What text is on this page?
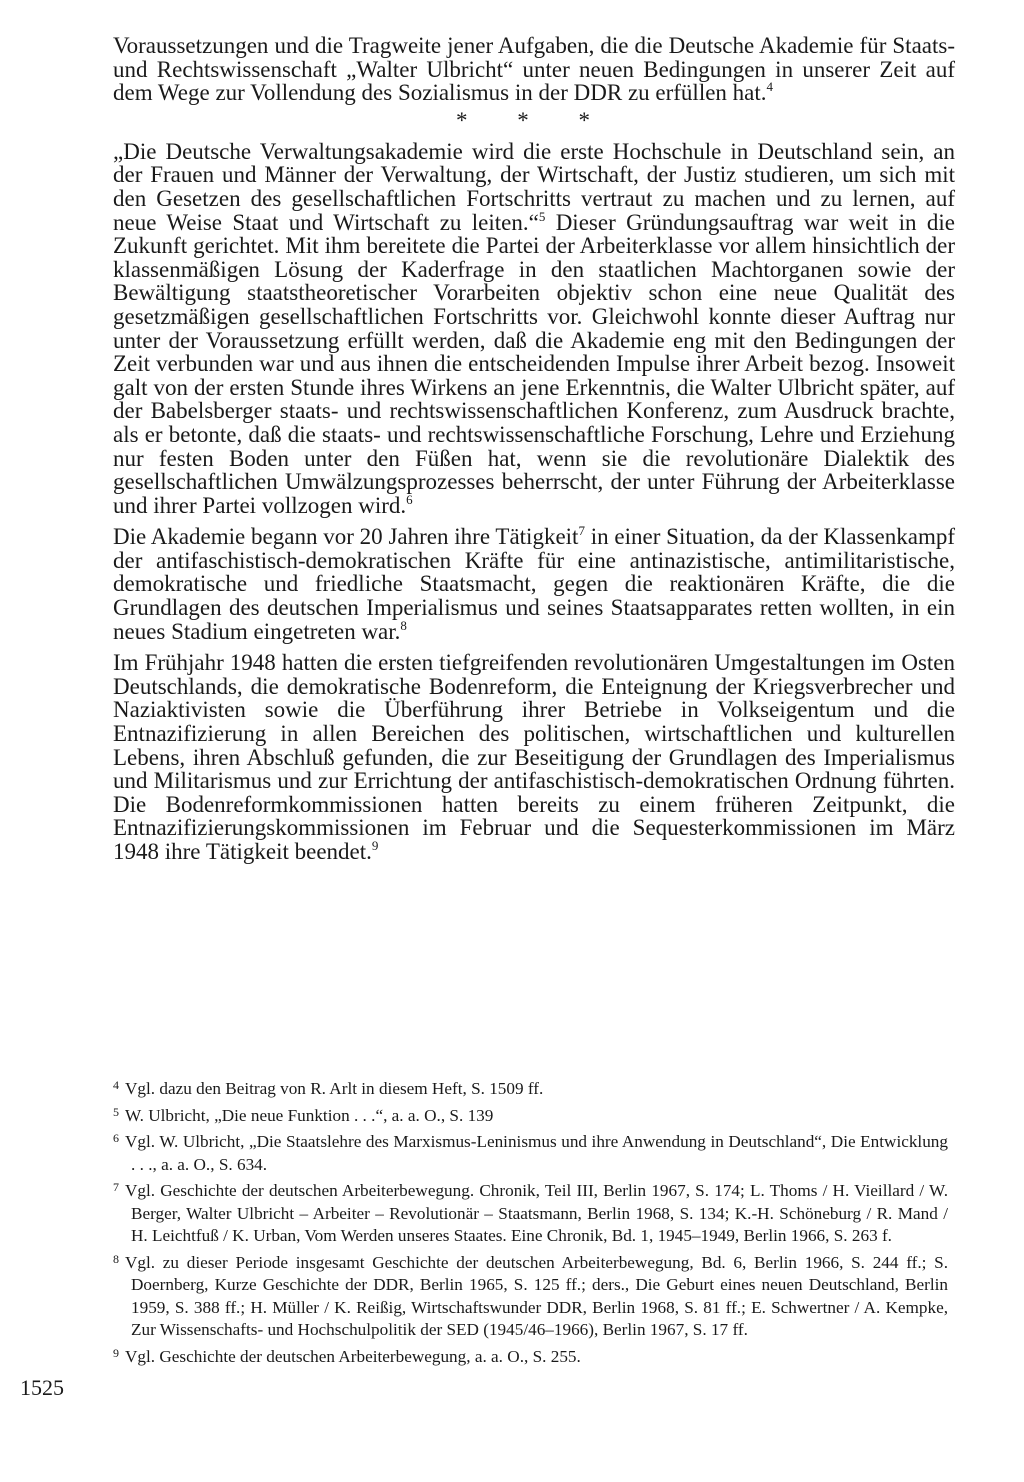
Voraussetzungen und die Tragweite jener Aufgaben, die die Deutsche Akademie für Staats- und Rechtswissenschaft „Walter Ulbricht“ unter neuen Bedingungen in unserer Zeit auf dem Wege zur Vollendung des Sozialismus in der DDR zu erfüllen hat.$^4$

* * *

„Die Deutsche Verwaltungsakademie wird die erste Hochschule in Deutschland sein, an der Frauen und Männer der Verwaltung, der Wirtschaft, der Justiz studieren, um sich mit den Gesetzen des gesellschaftlichen Fortschritts vertraut zu machen und zu lernen, auf neue Weise Staat und Wirtschaft zu leiten.“$^5$ Dieser Gründungsauftrag war weit in die Zukunft gerichtet. Mit ihm bereitete die Partei der Arbeiterklasse vor allem hinsichtlich der klassenmäßigen Lösung der Kaderfrage in den staatlichen Machtorganen sowie der Bewältigung staatstheoretischer Vorarbeiten objektiv schon eine neue Qualität des gesetzmäßigen gesellschaftlichen Fortschritts vor. Gleichwohl konnte dieser Auftrag nur unter der Voraussetzung erfüllt werden, daß die Akademie eng mit den Bedingungen der Zeit verbunden war und aus ihnen die entscheidenden Impulse ihrer Arbeit bezog. Insoweit galt von der ersten Stunde ihres Wirkens an jene Erkenntnis, die Walter Ulbricht später, auf der Babelsberger staats- und rechtswissenschaftlichen Konferenz, zum Ausdruck brachte, als er betonte, daß die staats- und rechtswissenschaftliche Forschung, Lehre und Erziehung nur festen Boden unter den Füßen hat, wenn sie die revolutionäre Dialektik des gesellschaftlichen Umwälzungsprozesses beherrscht, der unter Führung der Arbeiterklasse und ihrer Partei vollzogen wird.$^6$

Die Akademie begann vor 20 Jahren ihre Tätigkeit$^7$ in einer Situation, da der Klassenkampf der antifaschistisch-demokratischen Kräfte für eine antinazistische, antimilitaristische, demokratische und friedliche Staatsmacht, gegen die reaktionären Kräfte, die die Grundlagen des deutschen Imperialismus und seines Staatsapparates retten wollten, in ein neues Stadium eingetreten war.$^8$

Im Frühjahr 1948 hatten die ersten tiefgreifenden revolutionären Umgestaltungen im Osten Deutschlands, die demokratische Bodenreform, die Enteignung der Kriegsverbrecher und Naziaktivisten sowie die Überführung ihrer Betriebe in Volkseigentum und die Entnazifizierung in allen Bereichen des politischen, wirtschaftlichen und kulturellen Lebens, ihren Abschluß gefunden, die zur Beseitigung der Grundlagen des Imperialismus und Militarismus und zur Errichtung der antifaschistisch-demokratischen Ordnung führten. Die Bodenreformkommissionen hatten bereits zu einem früheren Zeitpunkt, die Entnazifizierungskommissionen im Februar und die Sequesterkommissionen im März 1948 ihre Tätigkeit beendet.$^9$

$^4$ Vgl. dazu den Beitrag von R. Arlt in diesem Heft, S. 1509 ff.

$^5$ W. Ulbricht, „Die neue Funktion . . .“, a. a. O., S. 139

$^6$ Vgl. W. Ulbricht, „Die Staatslehre des Marxismus-Leninismus und ihre Anwendung in Deutschland“, Die Entwicklung . . ., a. a. O., S. 634.

$^7$ Vgl. Geschichte der deutschen Arbeiterbewegung. Chronik, Teil III, Berlin 1967, S. 174; L. Thoms / H. Vieillard / W. Berger, Walter Ulbricht – Arbeiter – Revolutionär – Staatsmann, Berlin 1968, S. 134; K.-H. Schöneburg / R. Mand / H. Leichtfuß / K. Urban, Vom Werden unseres Staates. Eine Chronik, Bd. 1, 1945–1949, Berlin 1966, S. 263 f.

$^8$ Vgl. zu dieser Periode insgesamt Geschichte der deutschen Arbeiterbewegung, Bd. 6, Berlin 1966, S. 244 ff.; S. Doernberg, Kurze Geschichte der DDR, Berlin 1965, S. 125 ff.; ders., Die Geburt eines neuen Deutschland, Berlin 1959, S. 388 ff.; H. Müller / K. Reißig, Wirtschaftswunder DDR, Berlin 1968, S. 81 ff.; E. Schwertner / A. Kempke, Zur Wissenschafts- und Hochschulpolitik der SED (1945/46–1966), Berlin 1967, S. 17 ff.

$^9$ Vgl. Geschichte der deutschen Arbeiterbewegung, a. a. O., S. 255.

1525
